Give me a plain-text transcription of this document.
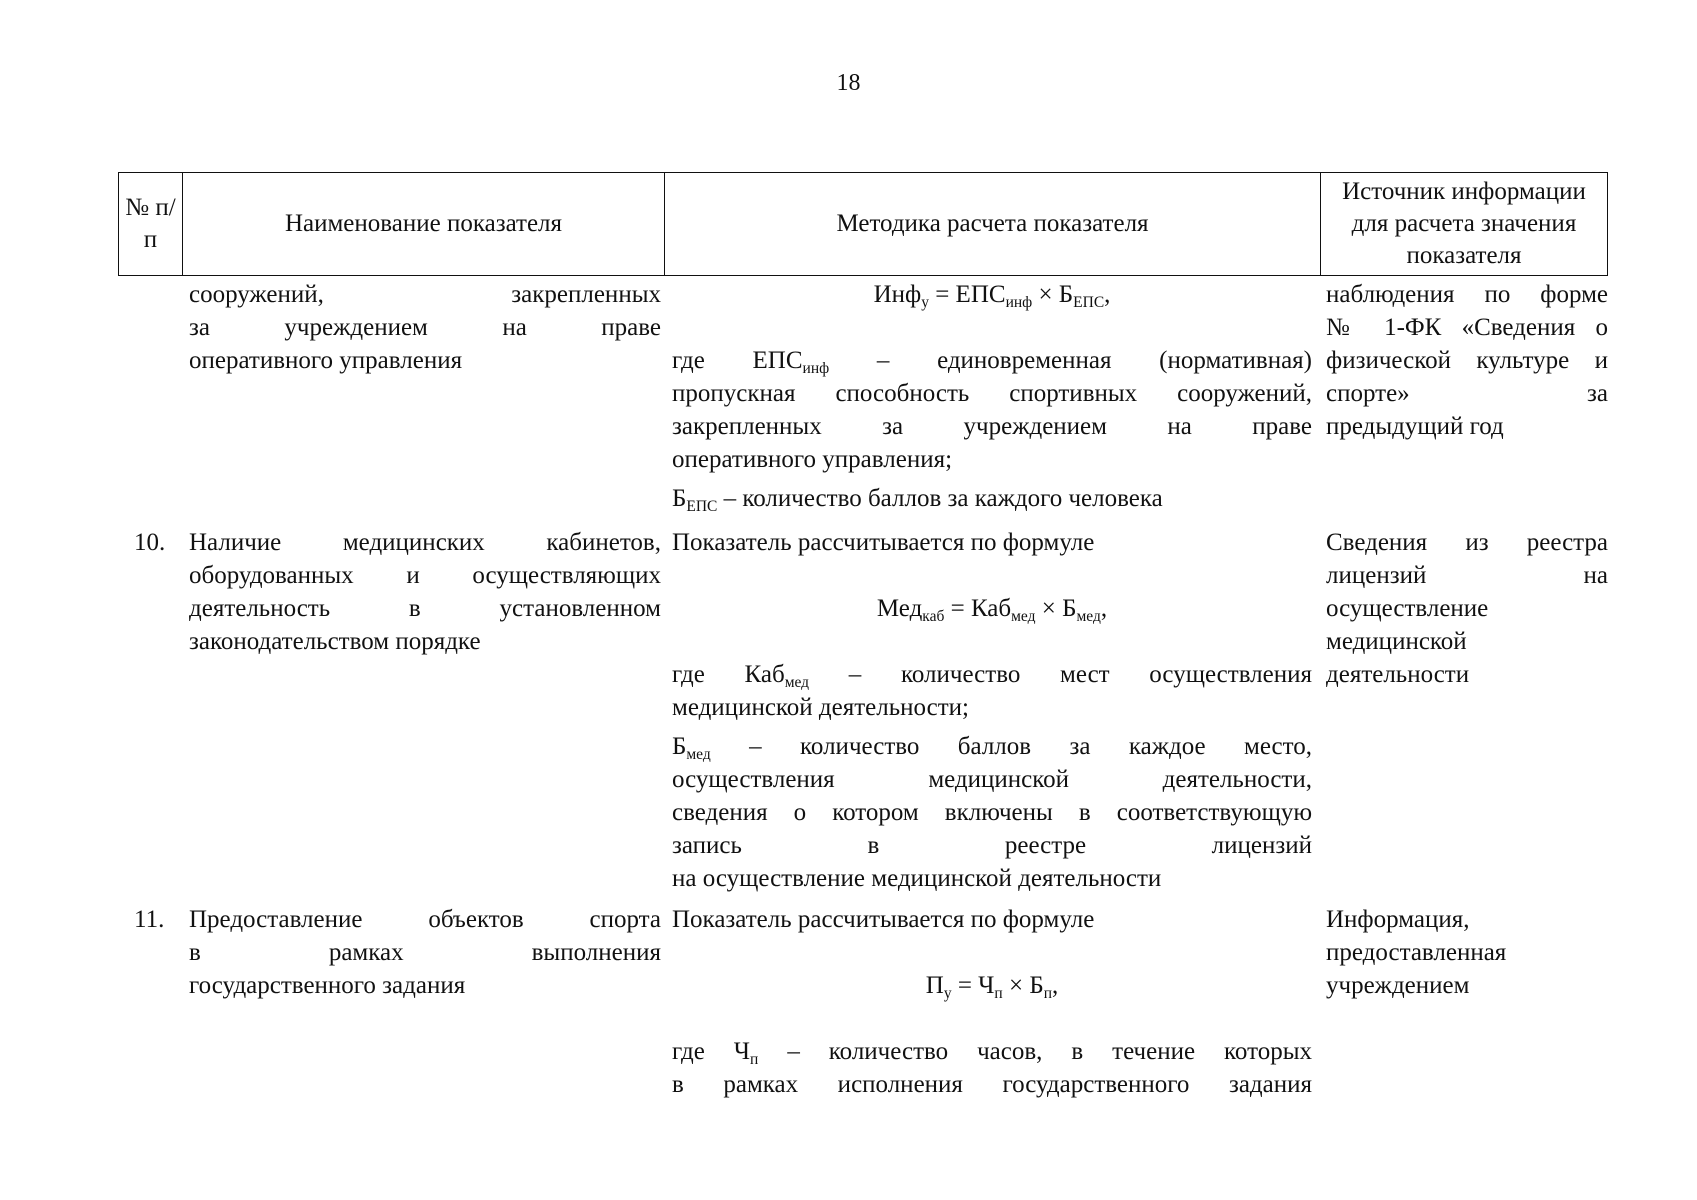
18
№ п/п
Наименование показателя	Методика расчета показателя
Источник информации для расчета значения показателя
сооружений, закрепленных
за учреждением на праве
оперативного управления
$Инф_у = ЕПС_{инф} \times Б_{ЕПС}$,
где $ЕПС_{инф}$ – единовременная (нормативная)
пропускная способность спортивных сооружений,
закрепленных за учреждением на праве
оперативного управления;
$Б_{ЕПС}$ – количество баллов за каждого человека
наблюдения по форме
№ 1-ФК «Сведения о
физической культуре и
спорте» за
предыдущий год
10. Наличие медицинских кабинетов,
оборудованных и осуществляющих
деятельность в установленном
законодательством порядке
Показатель рассчитывается по формуле
$Мед_{каб} = Каб_{мед} \times Б_{мед}$,
где Каб$_{мед}$ – количество мест осуществления
медицинской деятельности;
$Б_{мед}$ – количество баллов за каждое место,
осуществления медицинской деятельности,
сведения о котором включены в соответствующую
запись в реестре лицензий
на осуществление медицинской деятельности
Сведения из реестра
лицензий на
осуществление
медицинской
деятельности
11. Предоставление объектов спорта
в рамках выполнения
государственного задания
Показатель рассчитывается по формуле
$П_у = Ч_п \times Б_п$,
где $Ч_п$ – количество часов, в течение которых
в рамках исполнения государственного задания
Информация,
предоставленная
учреждением
